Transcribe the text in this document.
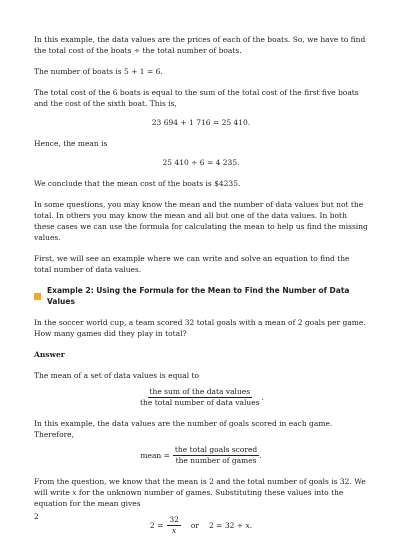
In this example, the data values are the prices of each of the boats. So, we have to find the total cost of the boats ÷ the total number of boats.

The number of boats is 5 + 1 = 6.

The total cost of the 6 boats is equal to the sum of the total cost of the first five boats and the cost of the sixth boat. This is,

23 694 + 1 716 = 25 410.

Hence, the mean is

25 410 ÷ 6 = 4 235.

We conclude that the mean cost of the boats is $4235.

In some questions, you may know the mean and the number of data values but not the total. In others you may know the mean and all but one of the data values. In both these cases we can use the formula for calculating the mean to help us find the missing values.

First, we will see an example where we can write and solve an equation to find the total number of data values.

Example 2: Using the Formula for the Mean to Find the Number of Data Values

In the soccer world cup, a team scored 32 total goals with a mean of 2 goals per game. How many games did they play in total?

Answer

The mean of a set of data values is equal to

$\frac{\text{the sum of the data values}}{\text{the total number of data values}}$ .

In this example, the data values are the number of goals scored in each game. Therefore,

mean = $\frac{\text{the total goals scored}}{\text{the number of games}}$ .

From the question, we know that the mean is 2 and the total number of goals is 32. We will write x for the unknown number of games. Substituting these values into the equation for the mean gives

$2 = \frac{32}{x}$ or 2 = 32 ÷ x.
2
